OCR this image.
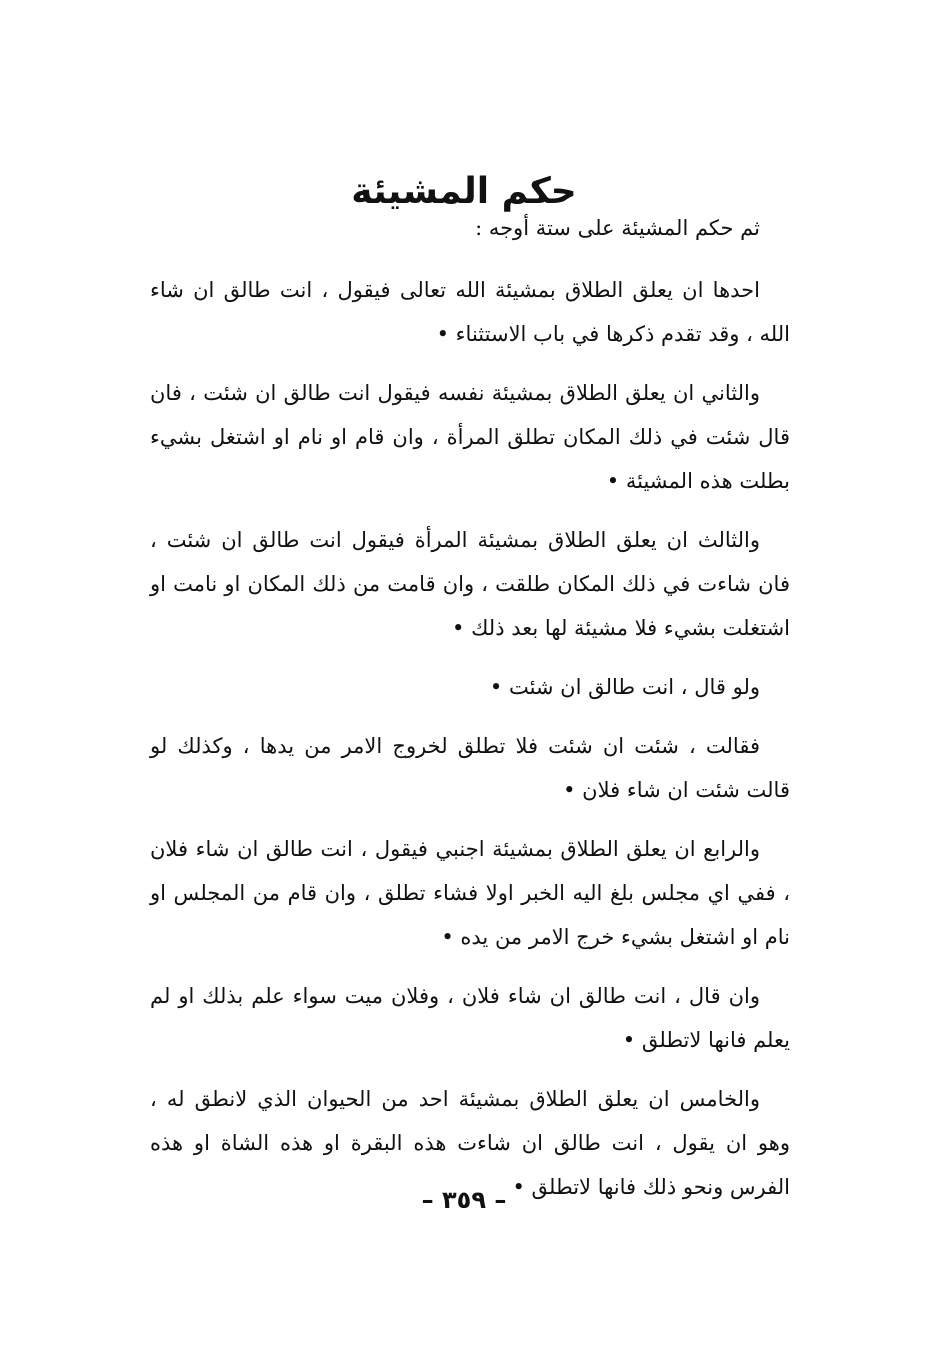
حكم المشيئة

ثم حكم المشيئة على ستة أوجه :

احدها ان يعلق الطلاق بمشيئة الله تعالى فيقول ، انت طالق ان شاء الله ، وقد تقدم ذكرها في باب الاستثناء •

والثاني ان يعلق الطلاق بمشيئة نفسه فيقول انت طالق ان شئت ، فان قال شئت في ذلك المكان تطلق المرأة ، وان قام او نام او اشتغل بشيء بطلت هذه المشيئة •

والثالث ان يعلق الطلاق بمشيئة المرأة فيقول انت طالق ان شئت ، فان شاءت في ذلك المكان طلقت ، وان قامت من ذلك المكان او نامت او اشتغلت بشيء فلا مشيئة لها بعد ذلك •

ولو قال ، انت طالق ان شئت •

فقالت ، شئت ان شئت فلا تطلق لخروج الامر من يدها ، وكذلك لو قالت شئت ان شاء فلان •

والرابع ان يعلق الطلاق بمشيئة اجنبي فيقول ، انت طالق ان شاء فلان ، ففي اي مجلس بلغ اليه الخبر اولا فشاء تطلق ، وان قام من المجلس او نام او اشتغل بشيء خرج الامر من يده •

وان قال ، انت طالق ان شاء فلان ، وفلان ميت سواء علم بذلك او لم يعلم فانها لاتطلق •

والخامس ان يعلق الطلاق بمشيئة احد من الحيوان الذي لانطق له ، وهو ان يقول ، انت طالق ان شاءت هذه البقرة او هذه الشاة او هذه الفرس ونحو ذلك فانها لاتطلق •

– ٣٥٩ –
